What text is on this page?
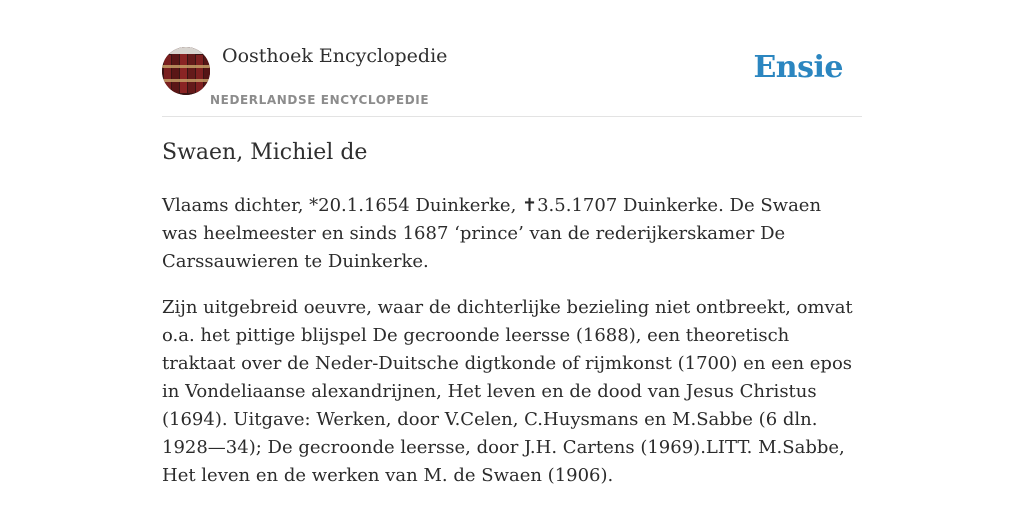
Oosthoek Encyclopedie
NEDERLANDSE ENCYCLOPEDIE
Ensie
Swaen, Michiel de

Vlaams dichter, *20.1.1654 Duinkerke, ✝3.5.1707 Duinkerke. De Swaen was heelmeester en sinds 1687 ‘prince’ van de rederijkerskamer De Carssauwieren te Duinkerke.

Zijn uitgebreid oeuvre, waar de dichterlijke bezieling niet ontbreekt, omvat o.a. het pittige blijspel De gecroonde leersse (1688), een theoretisch traktaat over de Neder-Duitsche digtkonde of rijmkonst (1700) en een epos in Vondeliaanse alexandrijnen, Het leven en de dood van Jesus Christus (1694). Uitgave: Werken, door V.Celen, C.Huysmans en M.Sabbe (6 dln. 1928—34); De gecroonde leersse, door J.H. Cartens (1969).LITT. M.Sabbe, Het leven en de werken van M. de Swaen (1906).
